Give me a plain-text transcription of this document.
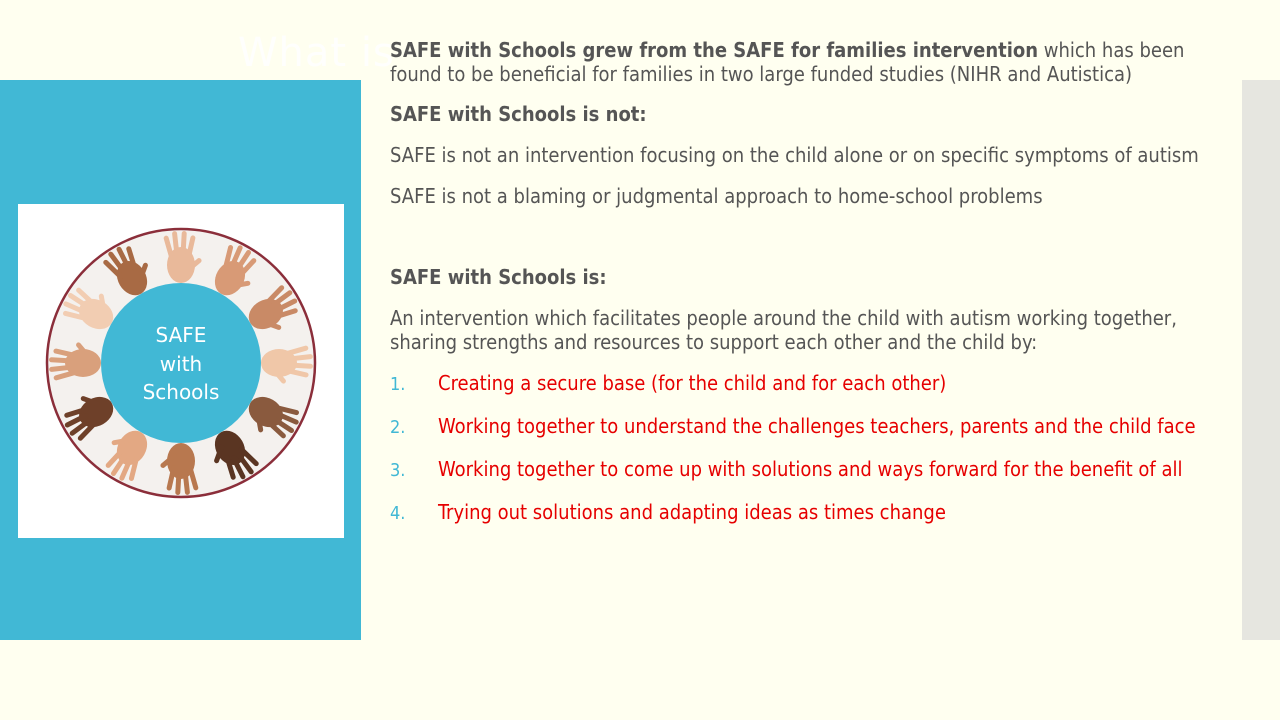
What is
SAFE
with
Schools

SAFE with Schools grew from the SAFE for families intervention which has been found to be beneficial for families in two large funded studies (NIHR and Autistica)

SAFE with Schools is not:

SAFE is not an intervention focusing on the child alone or on specific symptoms of autism

SAFE is not a blaming or judgmental approach to home-school problems

SAFE with Schools is:

An intervention which facilitates people around the child with autism working together, sharing strengths and resources to support each other and the child by:

1.	Creating a secure base (for the child and for each other)
2.	Working together to understand the challenges teachers, parents and the child face
3.	Working together to come up with solutions and ways forward for the benefit of all
4.	Trying out solutions and adapting ideas as times change
